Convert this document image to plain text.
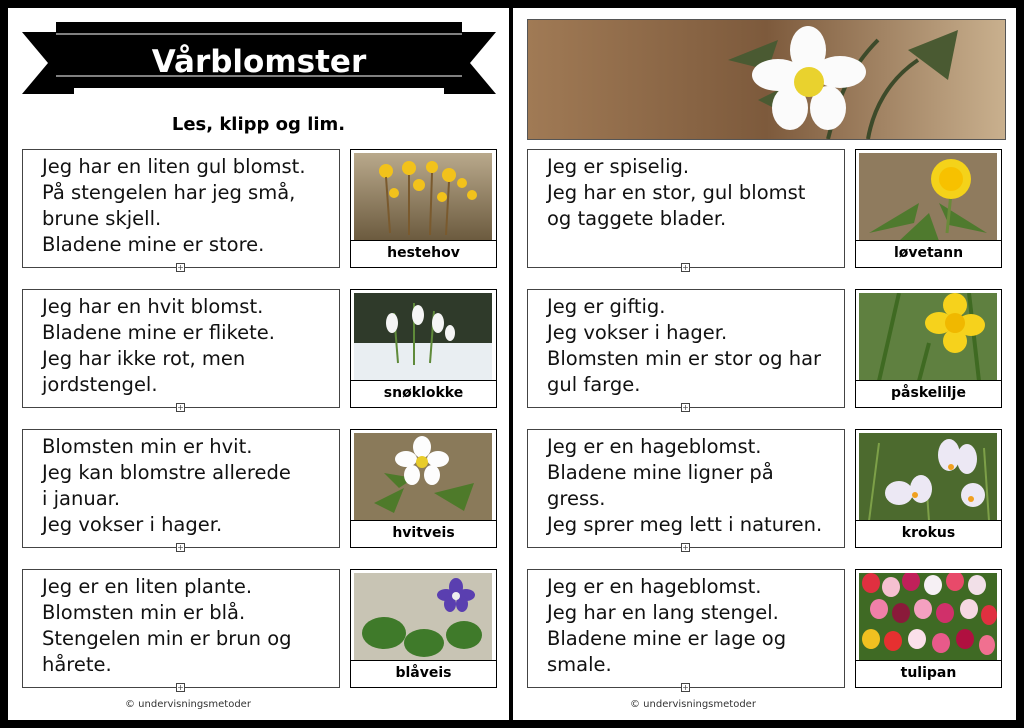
Vårblomster
Les, klipp og lim.
Jeg har en liten gul blomst.
På stengelen har jeg små,
brune skjell.
Bladene mine er store.
+
hestehov
Jeg har en hvit blomst.
Bladene mine er flikete.
Jeg har ikke rot, men
jordstengel.
+
snøklokke
Blomsten min er hvit.
Jeg kan blomstre allerede
i januar.
Jeg vokser i hager.
+
hvitveis
Jeg er en liten plante.
Blomsten min er blå.
Stengelen min er brun og
hårete.
+
blåveis
© undervisningsmetoder
Jeg er spiselig.
Jeg har en stor, gul blomst
og taggete blader.
+
løvetann
Jeg er giftig.
Jeg vokser i hager.
Blomsten min er stor og har
gul farge.
+
påskelilje
Jeg er en hageblomst.
Bladene mine ligner på
gress.
Jeg sprer meg lett i naturen.
+
krokus
Jeg er en hageblomst.
Jeg har en lang stengel.
Bladene mine er lage og
smale.
+
tulipan
© undervisningsmetoder
